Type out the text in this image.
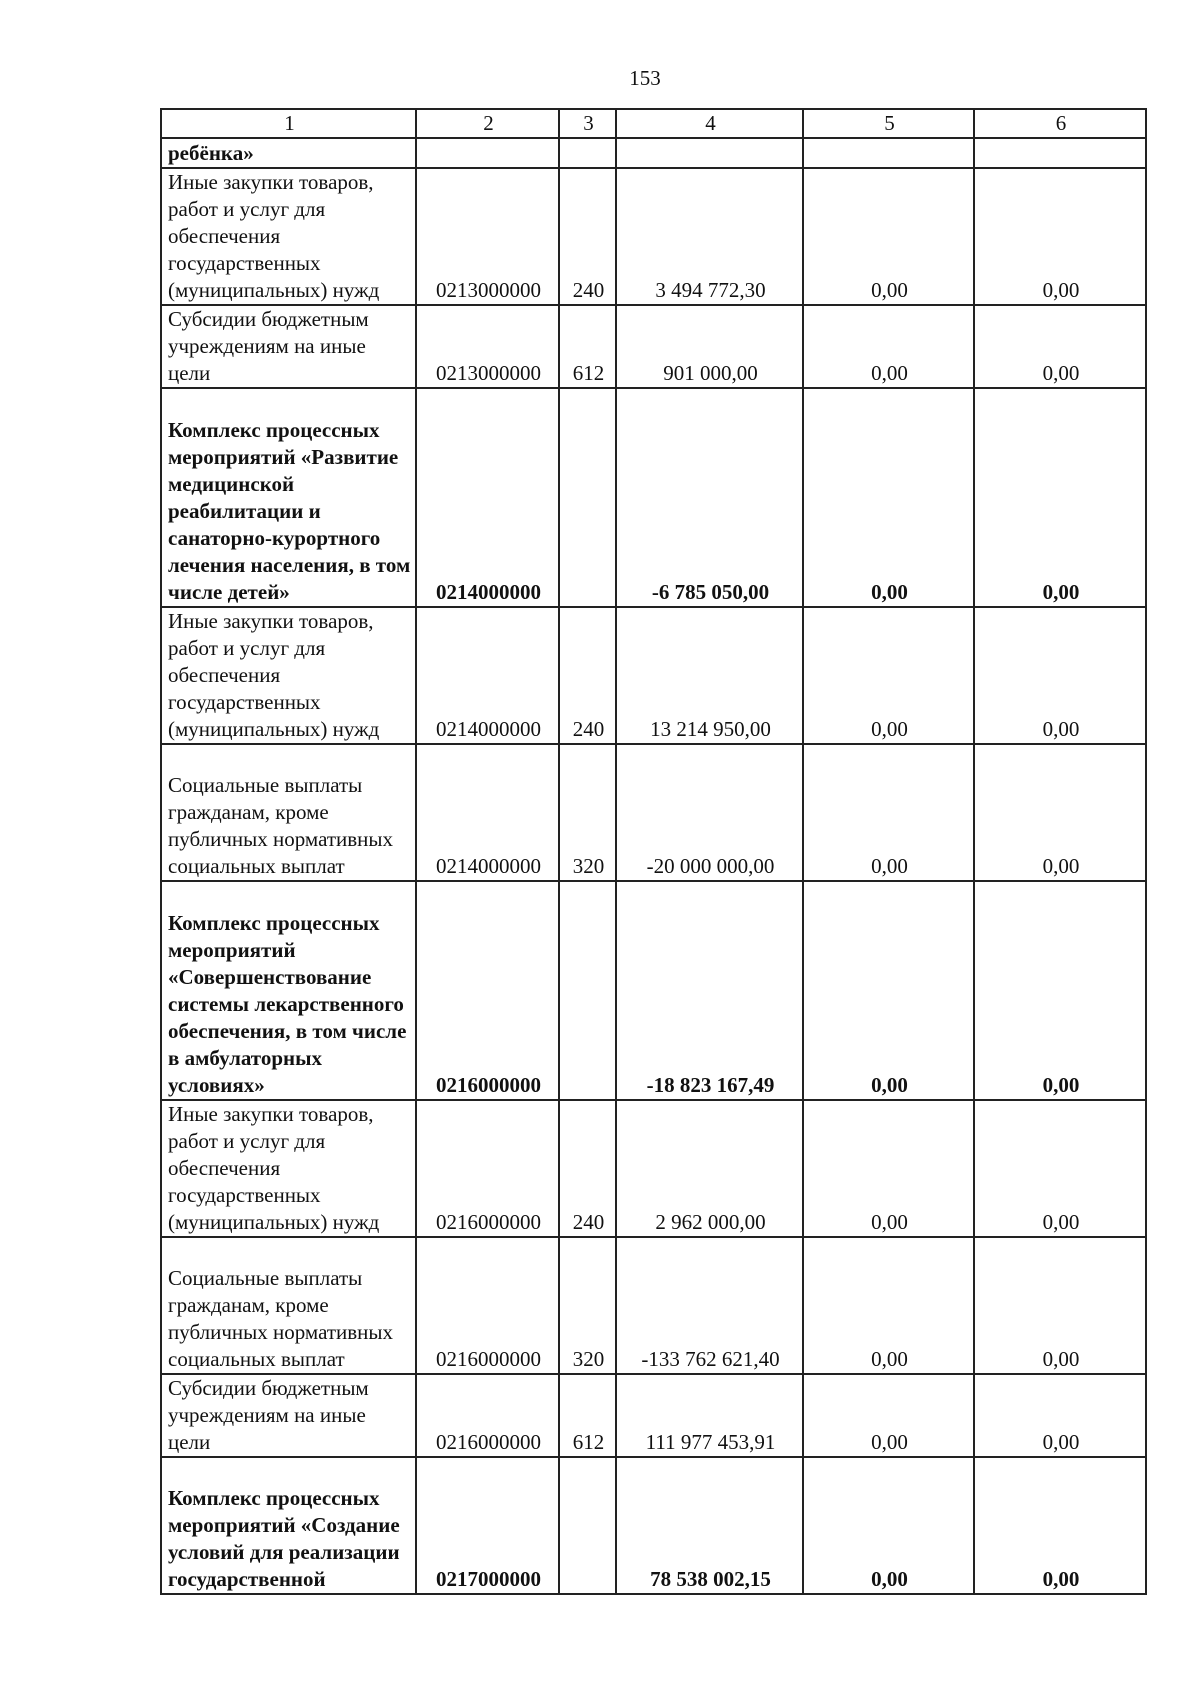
153
1	2	3	4	5	6
ребёнка»					
Иные закупки товаров, работ и услуг для обеспечения государственных (муниципальных) нужд	0213000000	240	3 494 772,30	0,00	0,00
Субсидии бюджетным учреждениям на иные цели	0213000000	612	901 000,00	0,00	0,00
Комплекс процессных мероприятий «Развитие медицинской реабилитации и санаторно-курортного лечения населения, в том числе детей»	0214000000		-6 785 050,00	0,00	0,00
Иные закупки товаров, работ и услуг для обеспечения государственных (муниципальных) нужд	0214000000	240	13 214 950,00	0,00	0,00
Социальные выплаты гражданам, кроме публичных нормативных социальных выплат	0214000000	320	-20 000 000,00	0,00	0,00
Комплекс процессных мероприятий «Совершенствование системы лекарственного обеспечения, в том числе в амбулаторных условиях»	0216000000		-18 823 167,49	0,00	0,00
Иные закупки товаров, работ и услуг для обеспечения государственных (муниципальных) нужд	0216000000	240	2 962 000,00	0,00	0,00
Социальные выплаты гражданам, кроме публичных нормативных социальных выплат	0216000000	320	-133 762 621,40	0,00	0,00
Субсидии бюджетным учреждениям на иные цели	0216000000	612	111 977 453,91	0,00	0,00
Комплекс процессных мероприятий «Создание условий для реализации государственной	0217000000		78 538 002,15	0,00	0,00
